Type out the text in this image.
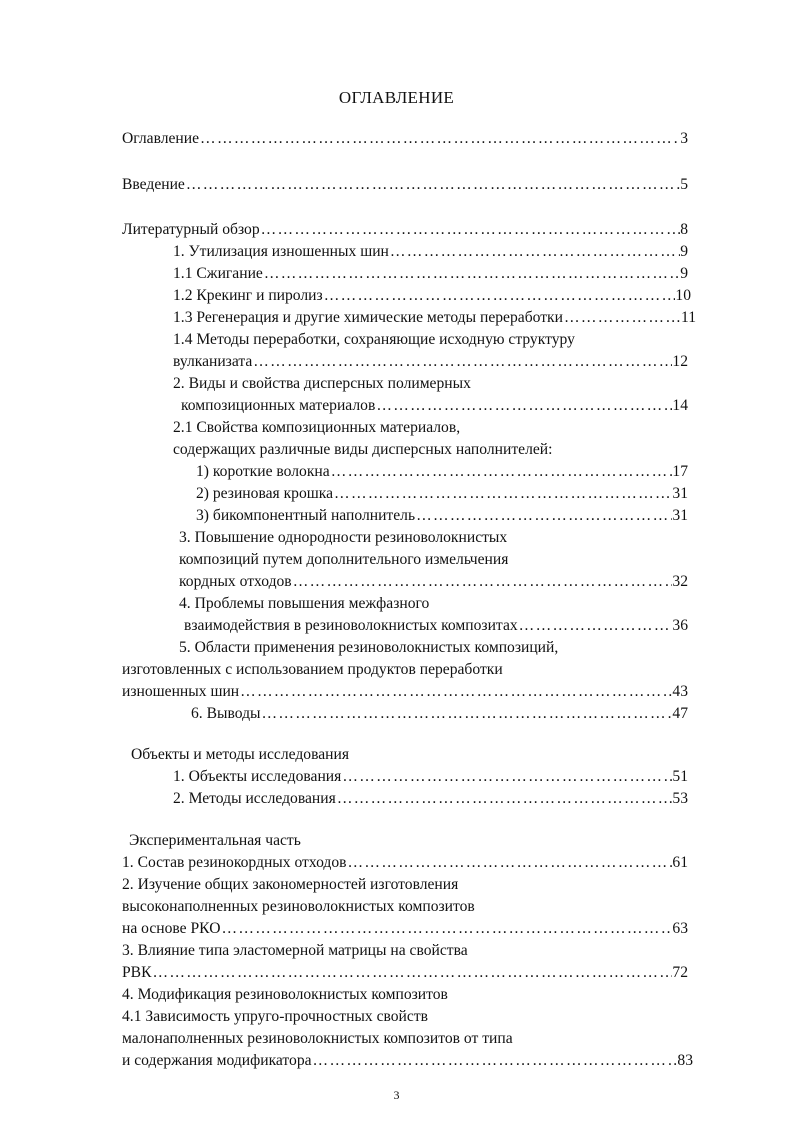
ОГЛАВЛЕНИЕ
Оглавление ……………………………………………………………………………………………………………………………………………………………………………………	3
Введение ……………………………………………………………………………………………………………………………………………………………………………………	5
Литературный обзор ……………………………………………………………………………………………………………………………………………………………………………………	8
1. Утилизация изношенных шин ……………………………………………………………………………………………………………………………………………………………………………………	9
1.1 Сжигание ……………………………………………………………………………………………………………………………………………………………………………………	9
1.2 Крекинг и пиролиз ……………………………………………………………………………………………………………………………………………………………………………………	10
1.3 Регенерация и другие химические методы переработки ……………………………………………………………………………………………………………………………………………………………………………………	11
1.4 Методы переработки, сохраняющие исходную структуру
вулканизата ……………………………………………………………………………………………………………………………………………………………………………………	12
2. Виды и свойства дисперсных полимерных
композиционных материалов ……………………………………………………………………………………………………………………………………………………………………………………	14
2.1 Свойства композиционных материалов,
содержащих различные виды дисперсных наполнителей:
1) короткие волокна ……………………………………………………………………………………………………………………………………………………………………………………	17
2) резиновая крошка ……………………………………………………………………………………………………………………………………………………………………………………	31
3) бикомпонентный наполнитель ……………………………………………………………………………………………………………………………………………………………………………………	31
3. Повышение однородности резиноволокнистых
композиций путем дополнительного измельчения
кордных отходов ……………………………………………………………………………………………………………………………………………………………………………………	32
4. Проблемы повышения межфазного
взаимодействия в резиноволокнистых композитах ……………………………………………………………………………………………………………………………………………………………………………………	36
5. Области применения резиноволокнистых композиций,
изготовленных с использованием продуктов переработки
изношенных шин ……………………………………………………………………………………………………………………………………………………………………………………	43
6. Выводы ……………………………………………………………………………………………………………………………………………………………………………………	47
Объекты и методы исследования
1. Объекты исследования ……………………………………………………………………………………………………………………………………………………………………………………	51
2. Методы исследования ……………………………………………………………………………………………………………………………………………………………………………………	53
Экспериментальная часть
1. Состав резинокордных отходов ……………………………………………………………………………………………………………………………………………………………………………………	61
2. Изучение общих закономерностей изготовления
высоконаполненных резиноволокнистых композитов
на основе РКО ……………………………………………………………………………………………………………………………………………………………………………………	63
3. Влияние типа эластомерной матрицы на свойства
РВК ……………………………………………………………………………………………………………………………………………………………………………………	72
4. Модификация резиноволокнистых композитов
4.1 Зависимость упруго-прочностных свойств
малонаполненных резиноволокнистых композитов от типа
и содержания модификатора ……………………………………………………………………………………………………………………………………………………………………………………	83
3
